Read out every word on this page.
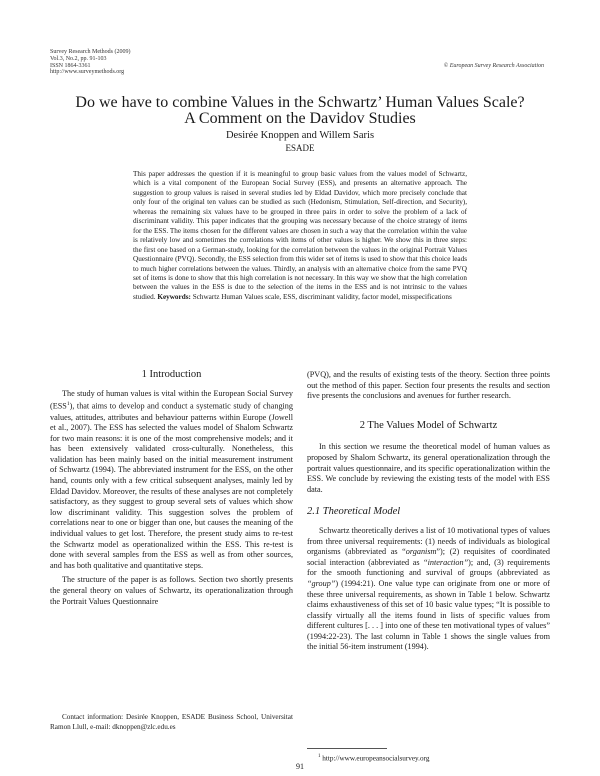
Survey Research Methods (2009)
Vol.3, No.2, pp. 91-103
ISSN 1864-3361
http://www.surveymethods.org
© European Survey Research Association
Do we have to combine Values in the Schwartz’ Human Values Scale?
A Comment on the Davidov Studies
Desirée Knoppen and Willem Saris
ESADE

This paper addresses the question if it is meaningful to group basic values from the values model of Schwartz, which is a vital component of the European Social Survey (ESS), and presents an alternative approach. The suggestion to group values is raised in several studies led by Eldad Davidov, which more precisely conclude that only four of the original ten values can be studied as such (Hedonism, Stimulation, Self-direction, and Security), whereas the remaining six values have to be grouped in three pairs in order to solve the problem of a lack of discriminant validity. This paper indicates that the grouping was necessary because of the choice strategy of items for the ESS. The items chosen for the different values are chosen in such a way that the correlation within the value is relatively low and sometimes the correlations with items of other values is higher. We show this in three steps: the first one based on a German-study, looking for the correlation between the values in the original Portrait Values Questionnaire (PVQ). Secondly, the ESS selection from this wider set of items is used to show that this choice leads to much higher correlations between the values. Thirdly, an analysis with an alternative choice from the same PVQ set of items is done to show that this high correlation is not necessary. In this way we show that the high correlation between the values in the ESS is due to the selection of the items in the ESS and is not intrinsic to the values studied. Keywords: Schwartz Human Values scale, ESS, discriminant validity, factor model, misspecifications

1 Introduction

The study of human values is vital within the European Social Survey (ESS$^1$), that aims to develop and conduct a systematic study of changing values, attitudes, attributes and behaviour patterns within Europe (Jowell et al., 2007). The ESS has selected the values model of Shalom Schwartz for two main reasons: it is one of the most comprehensive models; and it has been extensively validated cross-culturally. Nonetheless, this validation has been mainly based on the initial measurement instrument of Schwartz (1994). The abbreviated instrument for the ESS, on the other hand, counts only with a few critical subsequent analyses, mainly led by Eldad Davidov. Moreover, the results of these analyses are not completely satisfactory, as they suggest to group several sets of values which show low discriminant validity. This suggestion solves the problem of correlations near to one or bigger than one, but causes the meaning of the individual values to get lost. Therefore, the present study aims to re-test the Schwartz model as operationalized within the ESS. This re-test is done with several samples from the ESS as well as from other sources, and has both qualitative and quantitative steps.

The structure of the paper is as follows. Section two shortly presents the general theory on values of Schwartz, its operationalization through the Portrait Values Questionnaire

Contact information: Desirée Knoppen, ESADE Business School, Universitat Ramon Llull, e-mail: dknoppen@zlc.edu.es

(PVQ), and the results of existing tests of the theory. Section three points out the method of this paper. Section four presents the results and section five presents the conclusions and avenues for further research.

2 The Values Model of Schwartz

In this section we resume the theoretical model of human values as proposed by Shalom Schwartz, its general operationalization through the portrait values questionnaire, and its specific operationalization within the ESS. We conclude by reviewing the existing tests of the model with ESS data.

2.1 Theoretical Model

Schwartz theoretically derives a list of 10 motivational types of values from three universal requirements: (1) needs of individuals as biological organisms (abbreviated as “organism”); (2) requisites of coordinated social interaction (abbreviated as “interaction”); and, (3) requirements for the smooth functioning and survival of groups (abbreviated as “group”) (1994:21). One value type can originate from one or more of these three universal requirements, as shown in Table 1 below. Schwartz claims exhaustiveness of this set of 10 basic value types; “It is possible to classify virtually all the items found in lists of specific values from different cultures [. . . ] into one of these ten motivational types of values” (1994:22-23). The last column in Table 1 shows the single values from the initial 56-item instrument (1994).

$^1$ http://www.europeansocialsurvey.org
91
